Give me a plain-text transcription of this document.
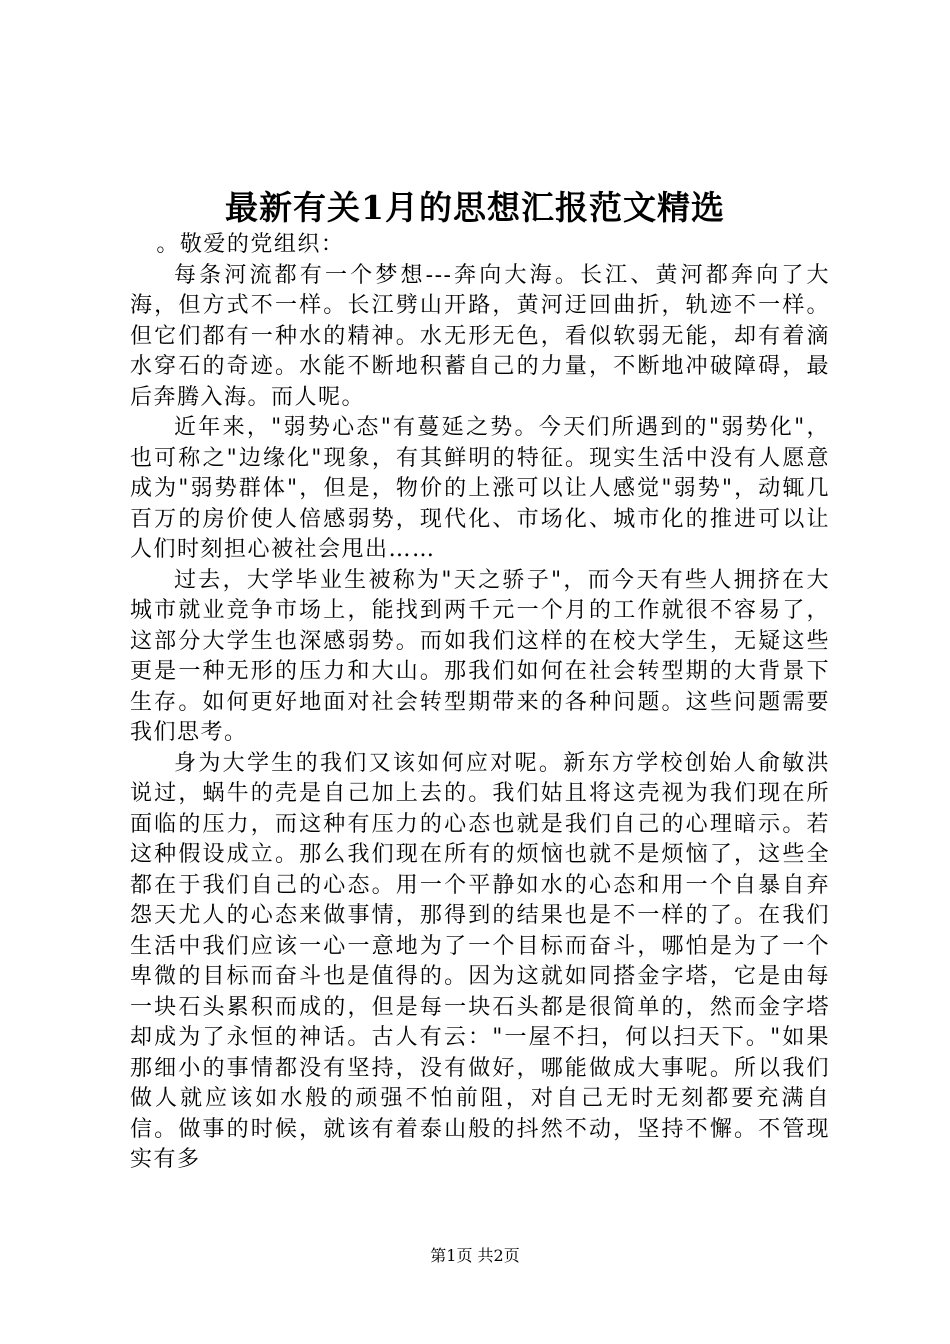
最新有关1月的思想汇报范文精选

。敬爱的党组织：

每条河流都有一个梦想---奔向大海。长江、黄河都奔向了大海，但方式不一样。长江劈山开路，黄河迂回曲折，轨迹不一样。但它们都有一种水的精神。水无形无色，看似软弱无能，却有着滴水穿石的奇迹。水能不断地积蓄自己的力量，不断地冲破障碍，最后奔腾入海。而人呢。

近年来，"弱势心态"有蔓延之势。今天们所遇到的"弱势化"，也可称之"边缘化"现象，有其鲜明的特征。现实生活中没有人愿意成为"弱势群体"，但是，物价的上涨可以让人感觉"弱势"，动辄几百万的房价使人倍感弱势，现代化、市场化、城市化的推进可以让人们时刻担心被社会甩出……

过去，大学毕业生被称为"天之骄子"，而今天有些人拥挤在大城市就业竞争市场上，能找到两千元一个月的工作就很不容易了，这部分大学生也深感弱势。而如我们这样的在校大学生，无疑这些更是一种无形的压力和大山。那我们如何在社会转型期的大背景下生存。如何更好地面对社会转型期带来的各种问题。这些问题需要我们思考。

身为大学生的我们又该如何应对呢。新东方学校创始人俞敏洪说过，蜗牛的壳是自己加上去的。我们姑且将这壳视为我们现在所面临的压力，而这种有压力的心态也就是我们自己的心理暗示。若这种假设成立。那么我们现在所有的烦恼也就不是烦恼了，这些全都在于我们自己的心态。用一个平静如水的心态和用一个自暴自弃怨天尤人的心态来做事情，那得到的结果也是不一样的了。在我们生活中我们应该一心一意地为了一个目标而奋斗，哪怕是为了一个卑微的目标而奋斗也是值得的。因为这就如同搭金字塔，它是由每一块石头累积而成的，但是每一块石头都是很简单的，然而金字塔却成为了永恒的神话。古人有云："一屋不扫，何以扫天下。"如果那细小的事情都没有坚持，没有做好，哪能做成大事呢。所以我们做人就应该如水般的顽强不怕前阻，对自己无时无刻都要充满自信。做事的时候，就该有着泰山般的抖然不动，坚持不懈。不管现实有多

第1页 共2页
